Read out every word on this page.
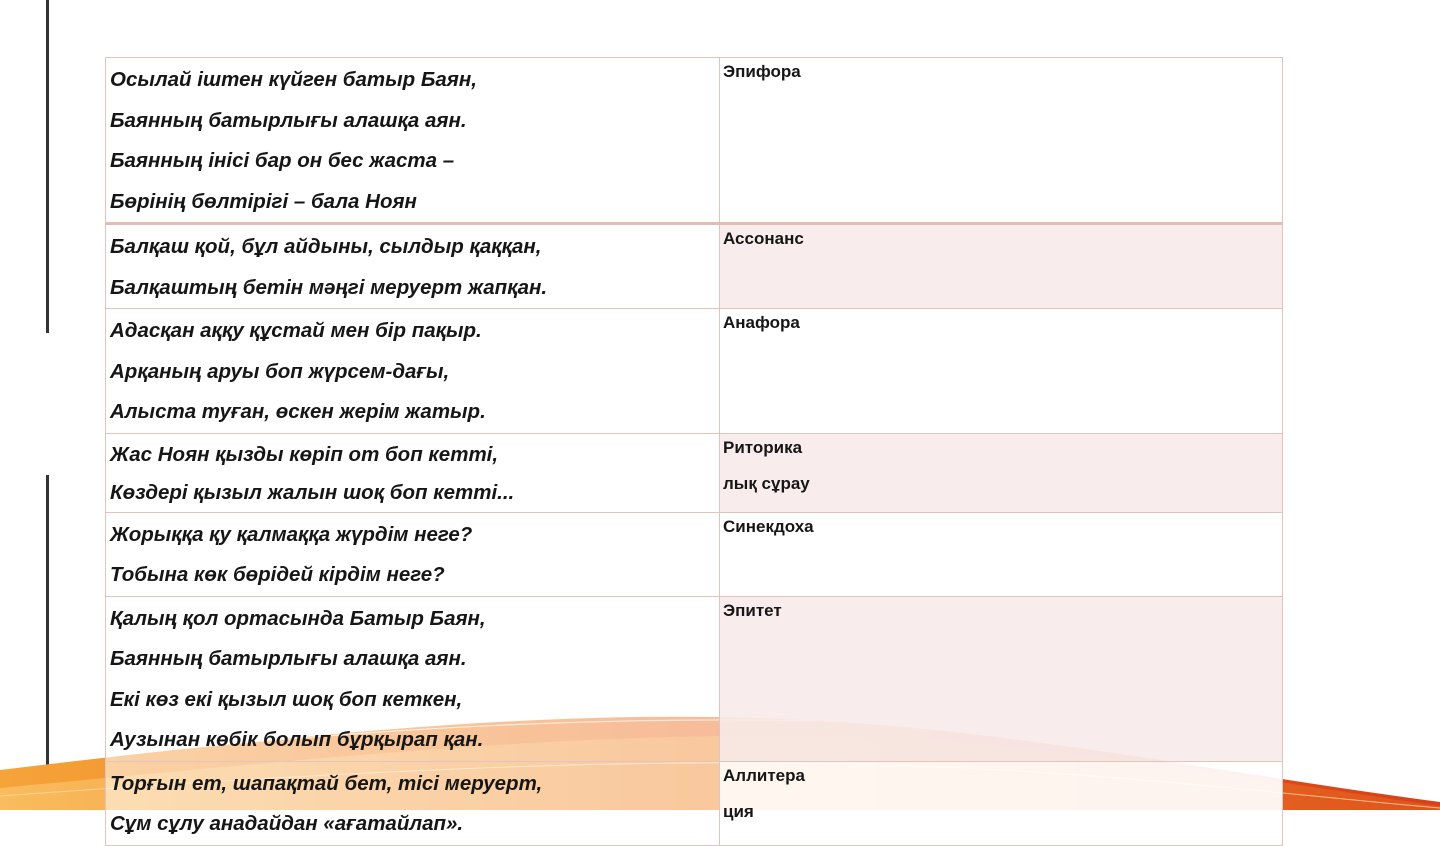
Осылай іштен күйген батыр Баян,
Баянның батырлығы алашқа аян.
Баянның інісі бар он бес жаста –
Бөрінің бөлтірігі – бала Ноян	Эпифора

Балқаш қой, бұл айдыны, сылдыр қаққан,
Балқаштың бетін мәңгі меруерт жапқан.	Ассонанс

Адасқан аққу құстай мен бір пақыр.
Арқаның аруы боп жүрсем-дағы,
Алыста туған, өскен жерім жатыр.	Анафора

Жас Ноян қызды көріп от боп кетті,
Көздері қызыл жалын шоқ боп кетті...	Риторика
лық сұрау

Жорыққа қу қалмаққа жүрдім неге?
Тобына көк бөрідей кірдім неге?	Синекдоха

Қалың қол ортасында Батыр Баян,
Баянның батырлығы алашқа аян.
Екі көз екі қызыл шоқ боп кеткен,
Аузынан көбік болып бұрқырап қан.	Эпитет

Торғын ет, шапақтай бет, тісі меруерт,
Сұм сұлу анадайдан «ағатайлап».	Аллитера
ция
